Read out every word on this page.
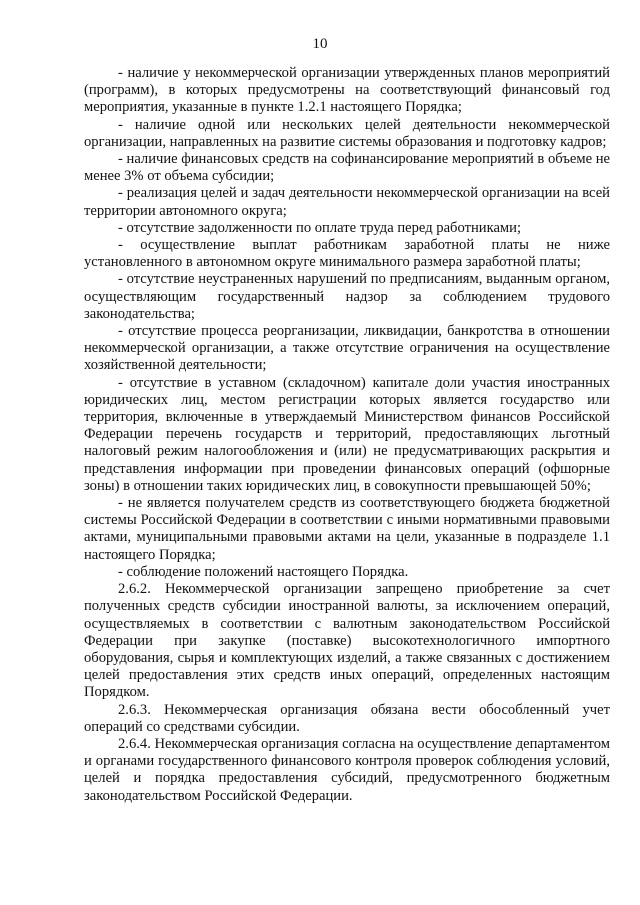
10

- наличие у некоммерческой организации утвержденных планов мероприятий (программ), в которых предусмотрены на соответствующий финансовый год мероприятия, указанные в пункте 1.2.1 настоящего Порядка;

- наличие одной или нескольких целей деятельности некоммерческой организации, направленных на развитие системы образования и подготовку кадров;

- наличие финансовых средств на софинансирование мероприятий в объеме не менее 3% от объема субсидии;

- реализация целей и задач деятельности некоммерческой организации на всей территории автономного округа;

- отсутствие задолженности по оплате труда перед работниками;

- осуществление выплат работникам заработной платы не ниже установленного в автономном округе минимального размера заработной платы;

- отсутствие неустраненных нарушений по предписаниям, выданным органом, осуществляющим государственный надзор за соблюдением трудового законодательства;

- отсутствие процесса реорганизации, ликвидации, банкротства в отношении некоммерческой организации, а также отсутствие ограничения на осуществление хозяйственной деятельности;

- отсутствие в уставном (складочном) капитале доли участия иностранных юридических лиц, местом регистрации которых является государство или территория, включенные в утверждаемый Министерством финансов Российской Федерации перечень государств и территорий, предоставляющих льготный налоговый режим налогообложения и (или) не предусматривающих раскрытия и представления информации при проведении финансовых операций (офшорные зоны) в отношении таких юридических лиц, в совокупности превышающей 50%;

- не является получателем средств из соответствующего бюджета бюджетной системы Российской Федерации в соответствии с иными нормативными правовыми актами, муниципальными правовыми актами на цели, указанные в подразделе 1.1 настоящего Порядка;

- соблюдение положений настоящего Порядка.

2.6.2. Некоммерческой организации запрещено приобретение за счет полученных средств субсидии иностранной валюты, за исключением операций, осуществляемых в соответствии с валютным законодательством Российской Федерации при закупке (поставке) высокотехнологичного импортного оборудования, сырья и комплектующих изделий, а также связанных с достижением целей предоставления этих средств иных операций, определенных настоящим Порядком.

2.6.3. Некоммерческая организация обязана вести обособленный учет операций со средствами субсидии.

2.6.4. Некоммерческая организация согласна на осуществление департаментом и органами государственного финансового контроля проверок соблюдения условий, целей и порядка предоставления субсидий, предусмотренного бюджетным законодательством Российской Федерации.
